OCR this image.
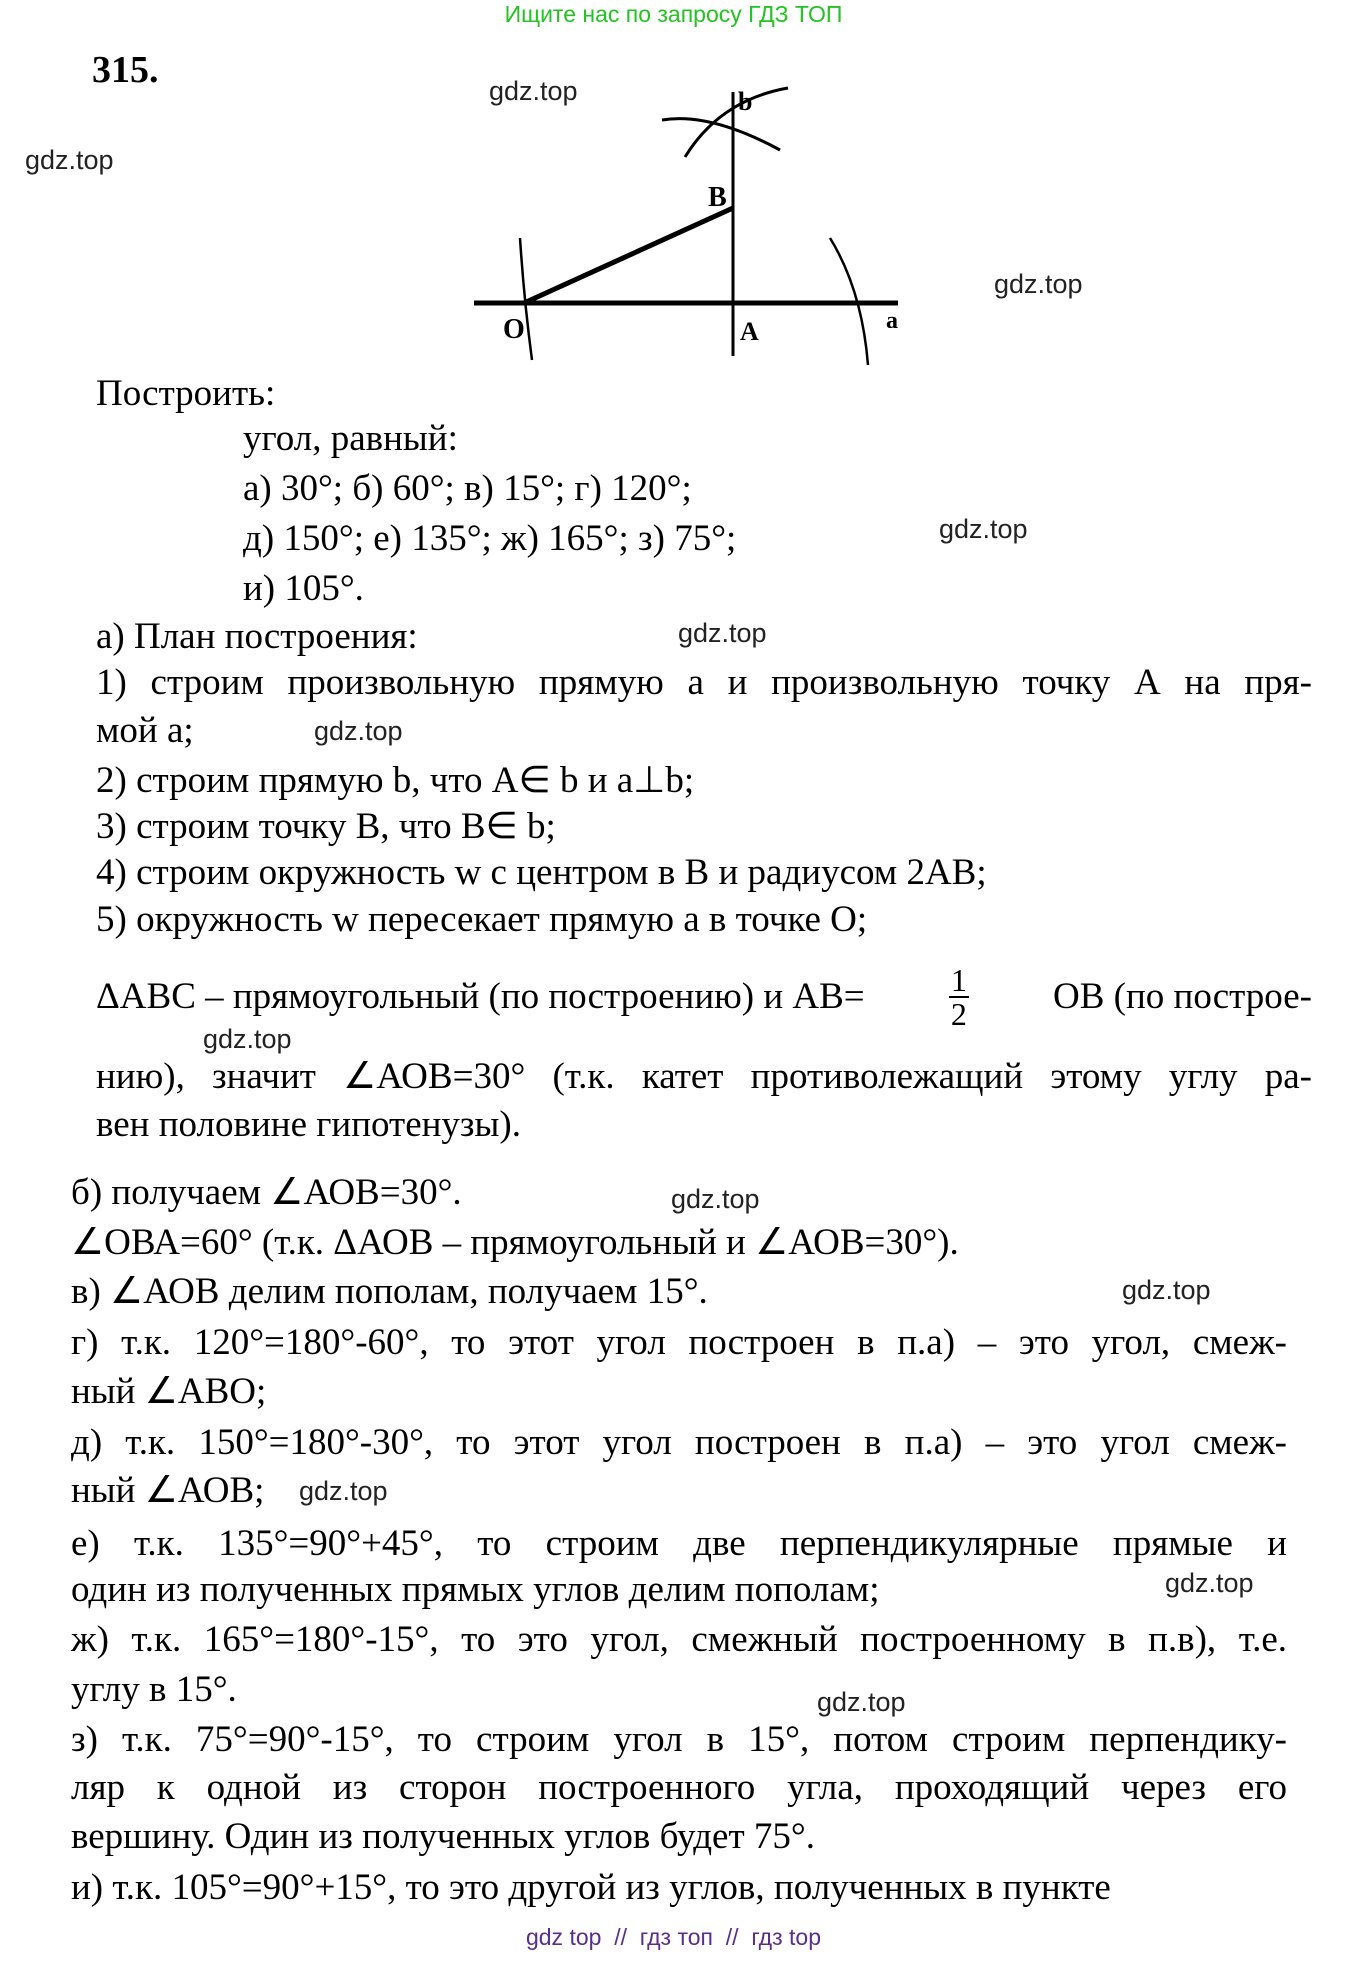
Ищите нас по запросу ГДЗ ТОП
315.
b
B
O	A	a
Построить:
угол, равный:
а) 30°; б) 60°; в) 15°; г) 120°;
д) 150°; е) 135°; ж) 165°; з) 75°;
и) 105°.
а) План построения:
1) строим произвольную прямую a и произвольную точку А на пря-
мой a;
2) строим прямую b, что А∈ b и a⊥b;
3) строим точку В, что В∈ b;
4) строим окружность w с центром в В и радиусом 2АВ;
5) окружность w пересекает прямую a в точке О;
ΔАВС – прямоугольный (по построению) и АВ=	$\frac{1}{2}$ ОВ (по построе-
нию), значит ∠АОВ=30° (т.к. катет противолежащий этому углу ра-
вен половине гипотенузы).
б) получаем ∠АОВ=30°.
∠ОВА=60° (т.к. ΔАОВ – прямоугольный и ∠АОВ=30°).
в) ∠АОВ делим пополам, получаем 15°.
г) т.к. 120°=180°-60°, то этот угол построен в п.а) – это угол, смеж-
ный ∠АВО;
д) т.к. 150°=180°-30°, то этот угол построен в п.а) – это угол смеж-
ный ∠АОВ;
е) т.к. 135°=90°+45°, то строим две перпендикулярные прямые и
один из полученных прямых углов делим пополам;
ж) т.к. 165°=180°-15°, то это угол, смежный построенному в п.в), т.е.
углу в 15°.
з) т.к. 75°=90°-15°, то строим угол в 15°, потом строим перпендику-
ляр к одной из сторон построенного угла, проходящий через его
вершину. Один из полученных углов будет 75°.
и) т.к. 105°=90°+15°, то это другой из углов, полученных в пункте
gdz.top
gdz.top
gdz.top
gdz.top
gdz.top
gdz.top
gdz.top
gdz.top
gdz.top
gdz.top
gdz.top
gdz.top
gdz top  //  гдз топ  //  гдз top
